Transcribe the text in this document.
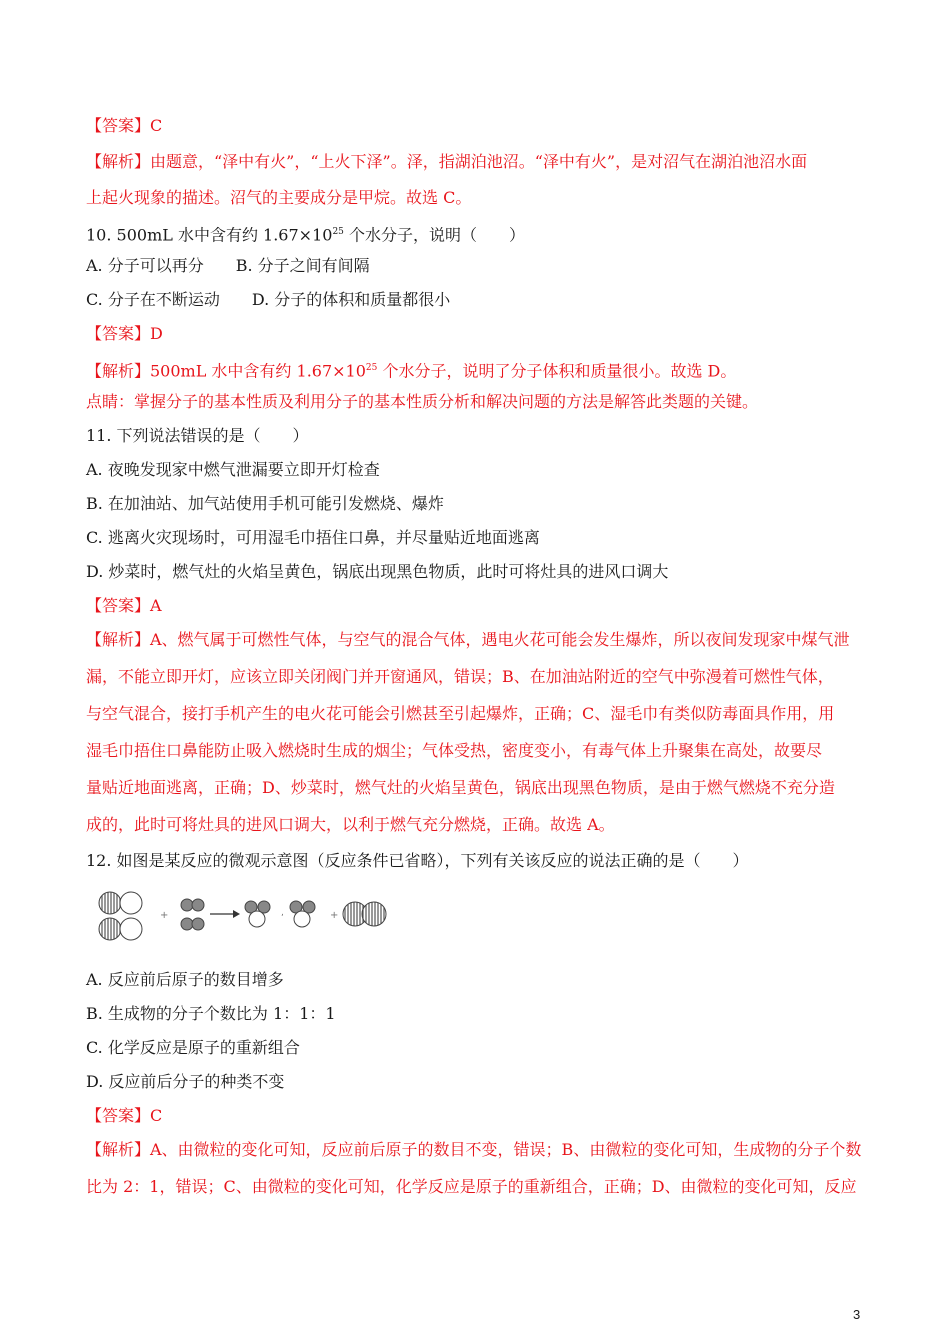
【答案】C
【解析】由题意，“泽中有火”，“上火下泽”。泽，指湖泊池沼。“泽中有火”，是对沼气在湖泊池沼水面
上起火现象的描述。沼气的主要成分是甲烷。故选 C。
10. 500mL 水中含有约 $1.67\times 10^{25}$ 个水分子，说明（　　）
A. 分子可以再分　　B. 分子之间有间隔
C. 分子在不断运动　　D. 分子的体积和质量都很小
【答案】D
【解析】500mL 水中含有约 $1.67\times 10^{25}$ 个水分子，说明了分子体积和质量很小。故选 D。
点睛：掌握分子的基本性质及利用分子的基本性质分析和解决问题的方法是解答此类题的关键。
11. 下列说法错误的是（　　）
A. 夜晚发现家中燃气泄漏要立即开灯检查
B. 在加油站、加气站使用手机可能引发燃烧、爆炸
C. 逃离火灾现场时，可用湿毛巾捂住口鼻，并尽量贴近地面逃离
D. 炒菜时，燃气灶的火焰呈黄色，锅底出现黑色物质，此时可将灶具的进风口调大
【答案】A
【解析】A、燃气属于可燃性气体，与空气的混合气体，遇电火花可能会发生爆炸，所以夜间发现家中煤气泄
漏，不能立即开灯，应该立即关闭阀门并开窗通风，错误；B、在加油站附近的空气中弥漫着可燃性气体，
与空气混合，接打手机产生的电火花可能会引燃甚至引起爆炸，正确；C、湿毛巾有类似防毒面具作用，用
湿毛巾捂住口鼻能防止吸入燃烧时生成的烟尘；气体受热，密度变小，有毒气体上升聚集在高处，故要尽
量贴近地面逃离，正确；D、炒菜时，燃气灶的火焰呈黄色，锅底出现黑色物质，是由于燃气燃烧不充分造
成的，此时可将灶具的进风口调大，以利于燃气充分燃烧，正确。故选 A。
12. 如图是某反应的微观示意图（反应条件已省略），下列有关该反应的说法正确的是（　　）
+	,	+
A. 反应前后原子的数目增多
B. 生成物的分子个数比为 1：1：1
C. 化学反应是原子的重新组合
D. 反应前后分子的种类不变
【答案】C
【解析】A、由微粒的变化可知，反应前后原子的数目不变，错误；B、由微粒的变化可知，生成物的分子个数
比为 2：1，错误；C、由微粒的变化可知，化学反应是原子的重新组合，正确；D、由微粒的变化可知，反应
3
